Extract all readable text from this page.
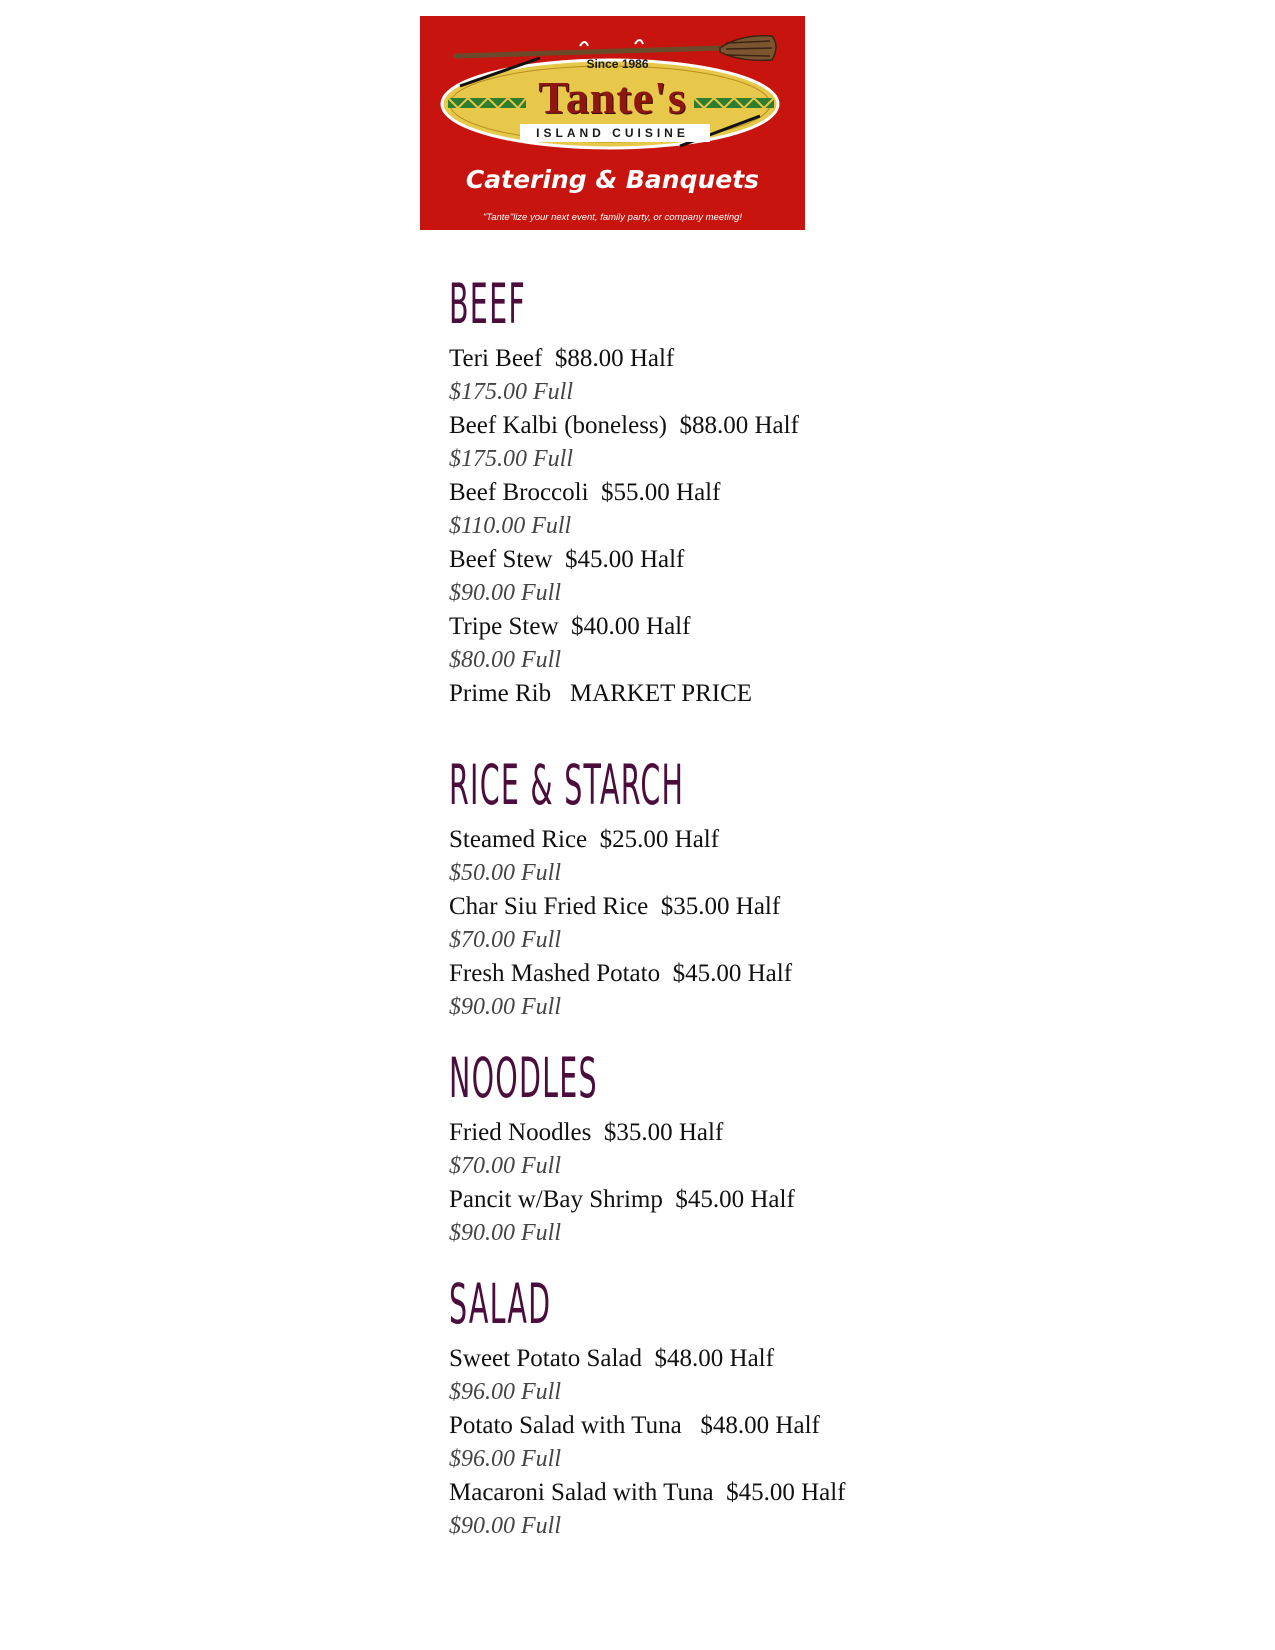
Since 1986
Tante's
ISLAND CUISINE
Catering & Banquets
"Tante"lize your next event, family party, or company meeting!
BEEF
Teri Beef  $88.00 Half
$175.00 Full
Beef Kalbi (boneless)  $88.00 Half
$175.00 Full
Beef Broccoli  $55.00 Half
$110.00 Full
Beef Stew  $45.00 Half
$90.00 Full
Tripe Stew  $40.00 Half
$80.00 Full
Prime Rib   MARKET PRICE
RICE & STARCH
Steamed Rice  $25.00 Half
$50.00 Full
Char Siu Fried Rice  $35.00 Half
$70.00 Full
Fresh Mashed Potato  $45.00 Half
$90.00 Full
NOODLES
Fried Noodles  $35.00 Half
$70.00 Full
Pancit w/Bay Shrimp  $45.00 Half
$90.00 Full
SALAD
Sweet Potato Salad  $48.00 Half
$96.00 Full
Potato Salad with Tuna   $48.00 Half
$96.00 Full
Macaroni Salad with Tuna  $45.00 Half
$90.00 Full
